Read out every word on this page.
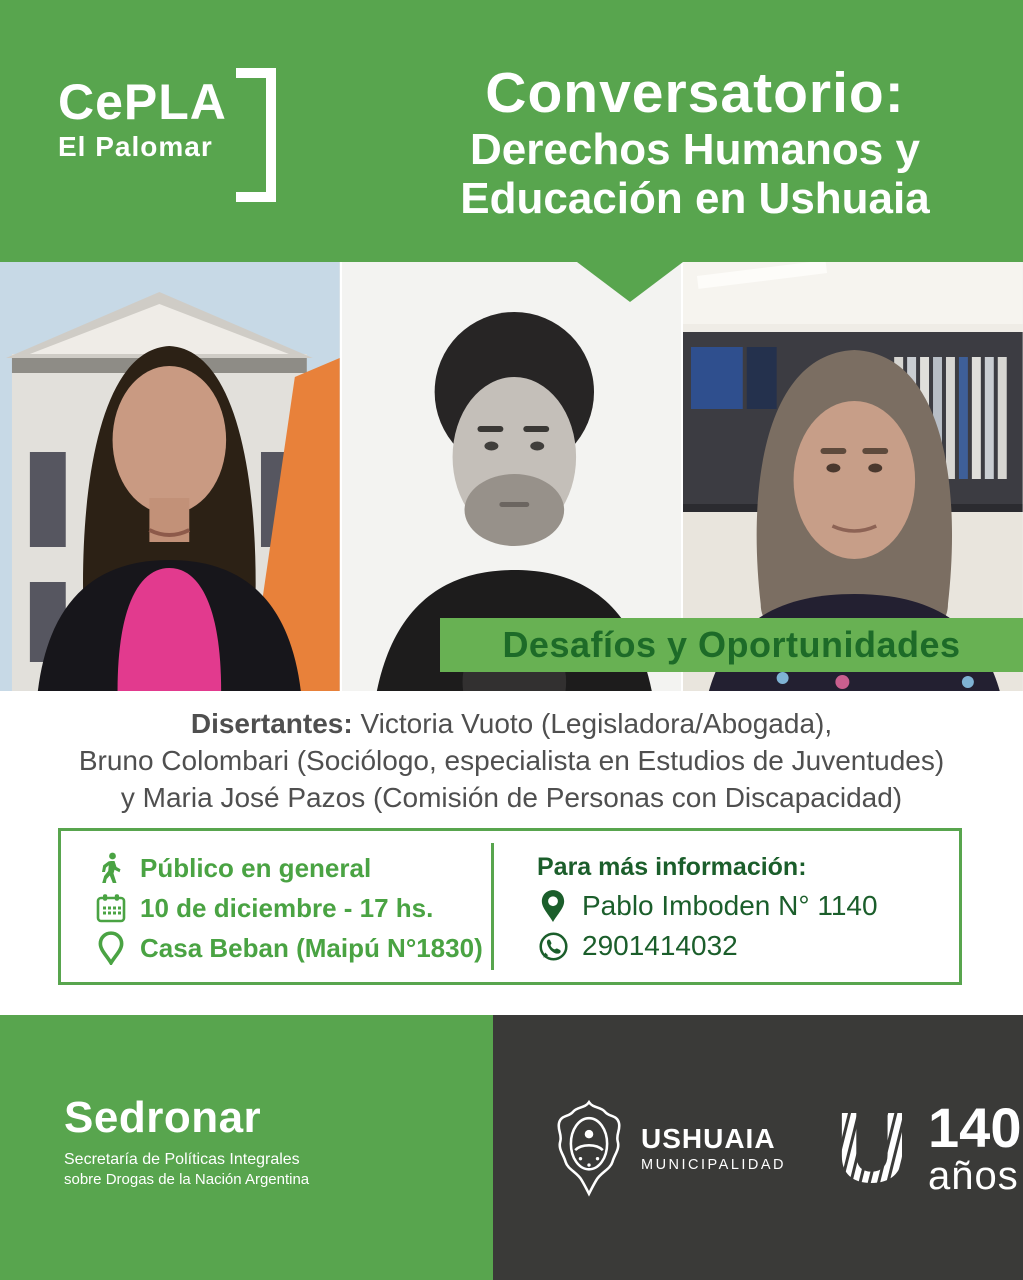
CePLA
El Palomar
Conversatorio:
Derechos Humanos y
Educación en Ushuaia
Desafíos y Oportunidades
Disertantes: Victoria Vuoto (Legisladora/Abogada),
Bruno Colombari (Sociólogo, especialista en Estudios de Juventudes)
y Maria José Pazos (Comisión de Personas con Discapacidad)
Público en general
10 de diciembre - 17 hs.
Casa Beban (Maipú N°1830)
Para más información:
Pablo Imboden N° 1140
2901414032
Sedronar
Secretaría de Políticas Integrales
sobre Drogas de la Nación Argentina
USHUAIA
MUNICIPALIDAD U 140
años
